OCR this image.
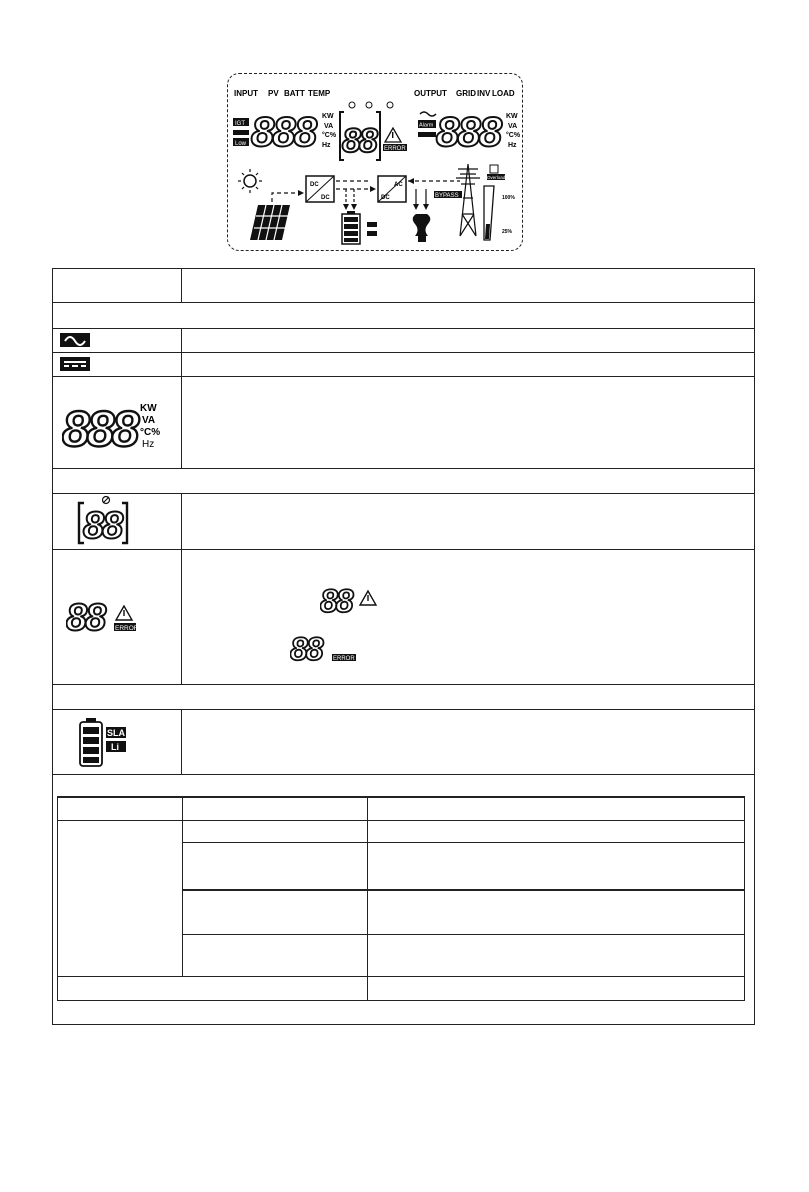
INPUT PV BATT TEMP	OUTPUT GRID INV LOAD
IGT
Low 888 KW
VA
°C%
Hz 88	ERROR
Alarm 888 KW
VA
°C%
Hz
DC
DC
AC
DC	BYPASS
Overload
100%
25%
888 KW
VA
°C%
Hz
88
88	ERROR
88
88	ERROR
SLA
Li
